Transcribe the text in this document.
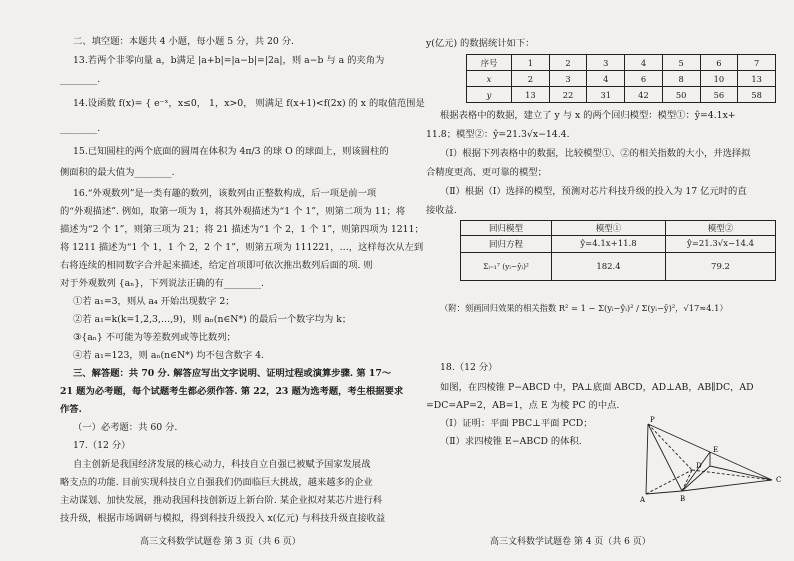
二、填空题：本题共 4 小题，每小题 5 分，共 20 分.
13.若两个非零向量 a，b满足 |a+b|=|a−b|=|2a|，则 a−b 与 a 的夹角为
________.
14.设函数 f(x)= { e⁻ˣ，x≤0， 1，x>0， 则满足 f(x+1)<f(2x) 的 x 的取值范围是
________.
15.已知圆柱的两个底面的圆周在体积为 4π/3 的球 O 的球面上，则该圆柱的
侧面积的最大值为________.
16.“外观数列”是一类有趣的数列，该数列由正整数构成，后一项是前一项
的“外观描述”. 例如，取第一项为 1，将其外观描述为“1 个 1”，则第二项为 11；将
描述为“2 个 1”，则第三项为 21；将 21 描述为“1 个 2，1 个 1”，则第四项为 1211；
将 1211 描述为“1 个 1，1 个 2，2 个 1”，则第五项为 111221，…，这样每次从左到
右将连续的相同数字合并起来描述，给定首项即可依次推出数列后面的项. 则
对于外观数列 {aₙ}，下列说法正确的有________.
①若 a₁=3，则从 a₄ 开始出现数字 2；
②若 a₁=k(k=1,2,3,…,9)，则 aₙ(n∈N*) 的最后一个数字均为 k；
③{aₙ} 不可能为等差数列或等比数列；
④若 a₁=123，则 aₙ(n∈N*) 均不包含数字 4.
三、解答题：共 70 分. 解答应写出文字说明、证明过程或演算步骤. 第 17～
21 题为必考题，每个试题考生都必须作答. 第 22，23 题为选考题，考生根据要求
作答.
（一）必考题：共 60 分.
17.（12 分）
自主创新是我国经济发展的核心动力，科技自立自强已被赋予国家发展战
略支点的功能. 目前实现科技自立自强我们仍面临巨大挑战，越来越多的企业
主动谋划、加快发展，推动我国科技创新迈上新台阶. 某企业拟对某芯片进行科
技升级，根据市场调研与模拟，得到科技升级投入 x(亿元) 与科技升级直接收益
高三文科数学试题卷 第 3 页（共 6 页）
y(亿元) 的数据统计如下：
序号	1	2	3	4	5	6	7
x	2	3	4	6	8	10	13
y	13	22	31	42	50	56	58
根据表格中的数据，建立了 y 与 x 的两个回归模型：模型①：ŷ=4.1x+
11.8；模型②：ŷ=21.3√x−14.4.
（Ⅰ）根据下列表格中的数据，比较模型①、②的相关指数的大小，并选择拟
合精度更高、更可靠的模型；
（Ⅱ）根据（Ⅰ）选择的模型，预测对芯片科技升级的投入为 17 亿元时的直
接收益.
回归模型	模型①	模型②
回归方程	ŷ=4.1x+11.8	ŷ=21.3√x−14.4
Σᵢ₌₁⁷ (yᵢ−ŷᵢ)²	182.4	79.2
（附：刻画回归效果的相关指数 R² = 1 − Σ(yᵢ−ŷᵢ)² / Σ(yᵢ−ȳ)²，√17≈4.1）
18.（12 分）
如图，在四棱锥 P−ABCD 中，PA⊥底面 ABCD，AD⊥AB，AB∥DC，AD
=DC=AP=2，AB=1，点 E 为棱 PC 的中点.
（Ⅰ）证明：平面 PBC⊥平面 PCD；
（Ⅱ）求四棱锥 E−ABCD 的体积.
P
E
D
A	B
C
高三文科数学试题卷 第 4 页（共 6 页）
